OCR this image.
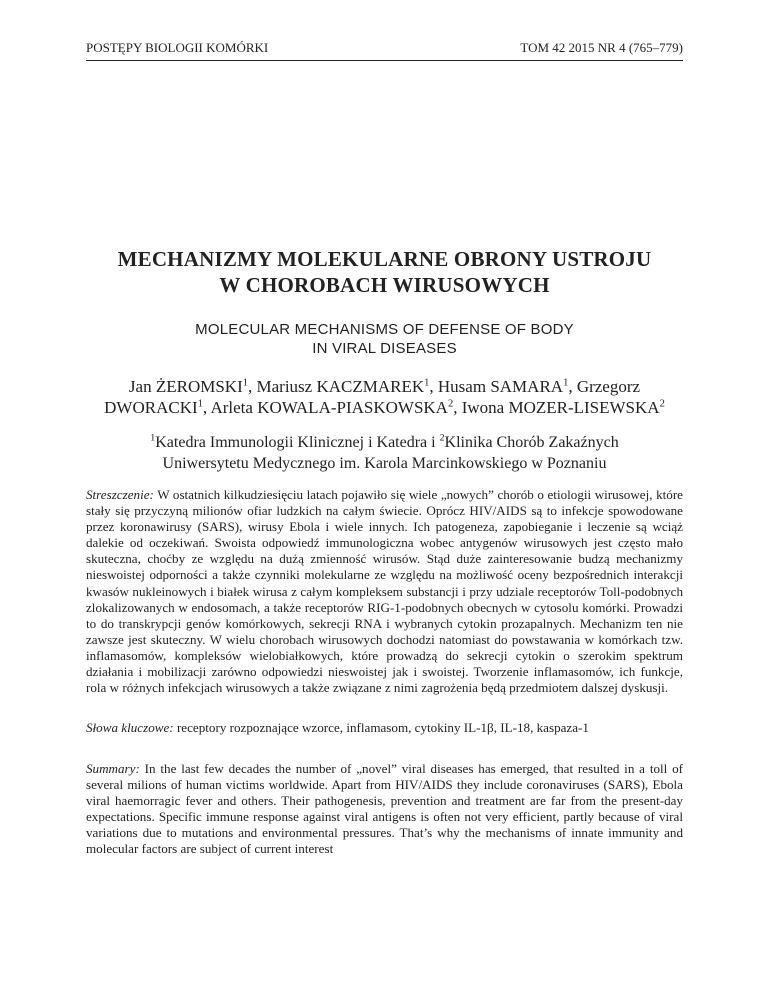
POSTĘPY BIOLOGII KOMÓRKI	TOM 42 2015 NR 4 (765–779)
MECHANIZMY MOLEKULARNE OBRONY USTROJU
W CHOROBACH WIRUSOWYCH
MOLECULAR MECHANISMS OF DEFENSE OF BODY
IN VIRAL DISEASES
Jan ŻEROMSKI$^1$, Mariusz KACZMAREK$^1$, Husam SAMARA$^1$, Grzegorz DWORACKI$^1$, Arleta KOWALA-PIASKOWSKA$^2$, Iwona MOZER-LISEWSKA$^2$
$^1$Katedra Immunologii Klinicznej i Katedra i $^2$Klinika Chorób Zakaźnych
Uniwersytetu Medycznego im. Karola Marcinkowskiego w Poznaniu
Streszczenie: W ostatnich kilkudziesięciu latach pojawiło się wiele „nowych” chorób o etiologii wirusowej, które stały się przyczyną milionów ofiar ludzkich na całym świecie. Oprócz HIV/AIDS są to infekcje spowodowane przez koronawirusy (SARS), wirusy Ebola i wiele innych. Ich patogeneza, zapobieganie i leczenie są wciąż dalekie od oczekiwań. Swoista odpowiedź immunologiczna wobec antygenów wirusowych jest często mało skuteczna, choćby ze względu na dużą zmienność wirusów. Stąd duże zainteresowanie budzą mechanizmy nieswoistej odporności a także czynniki molekularne ze względu na możliwość oceny bezpośrednich interakcji kwasów nukleinowych i białek wirusa z całym kompleksem substancji i przy udziale receptorów Toll-podobnych zlokalizowanych w endosomach, a także receptorów RIG-1-podobnych obecnych w cytosolu komórki. Prowadzi to do transkrypcji genów komórkowych, sekrecji RNA i wybranych cytokin prozapalnych. Mechanizm ten nie zawsze jest skuteczny. W wielu chorobach wirusowych dochodzi natomiast do powstawania w komórkach tzw. inflamasomów, kompleksów wielobiałkowych, które prowadzą do sekrecji cytokin o szerokim spektrum działania i mobilizacji zarówno odpowiedzi nieswoistej jak i swoistej. Tworzenie inflamasomów, ich funkcje, rola w różnych infekcjach wirusowych a także związane z nimi zagrożenia będą przedmiotem dalszej dyskusji.
Słowa kluczowe: receptory rozpoznające wzorce, inflamasom, cytokiny IL-1β, IL-18, kaspaza-1
Summary: In the last few decades the number of „novel” viral diseases has emerged, that resulted in a toll of several milions of human victims worldwide. Apart from HIV/AIDS they include coronaviruses (SARS), Ebola viral haemorragic fever and others. Their pathogenesis, prevention and treatment are far from the present-day expectations. Specific immune response against viral antigens is often not very efficient, partly because of viral variations due to mutations and environmental pressures. That’s why the mechanisms of innate immunity and molecular factors are subject of current interest
